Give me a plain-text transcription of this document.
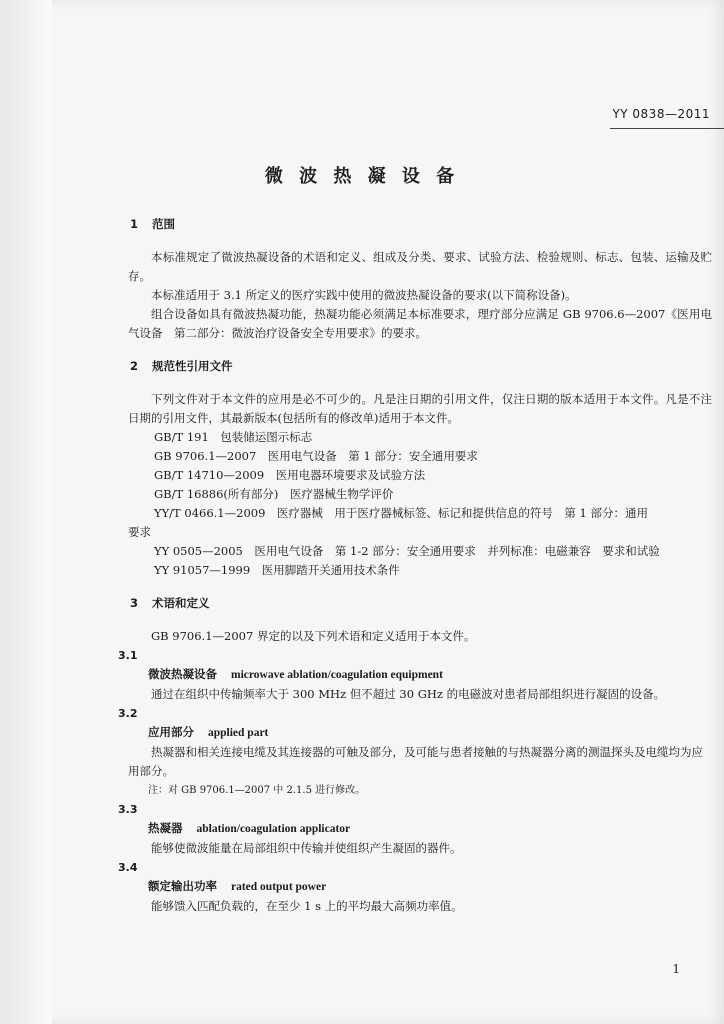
YY 0838—2011
微 波 热 凝 设 备
1 范围
本标准规定了微波热凝设备的术语和定义、组成及分类、要求、试验方法、检验规则、标志、包装、运输及贮存。
本标准适用于 3.1 所定义的医疗实践中使用的微波热凝设备的要求(以下简称设备)。
组合设备如具有微波热凝功能，热凝功能必须满足本标准要求，理疗部分应满足 GB 9706.6—2007《医用电气设备　第二部分：微波治疗设备安全专用要求》的要求。
2 规范性引用文件
下列文件对于本文件的应用是必不可少的。凡是注日期的引用文件，仅注日期的版本适用于本文件。凡是不注日期的引用文件，其最新版本(包括所有的修改单)适用于本文件。
GB/T 191　包装储运图示标志
GB 9706.1—2007　医用电气设备　第 1 部分：安全通用要求
GB/T 14710—2009　医用电器环境要求及试验方法
GB/T 16886(所有部分)　医疗器械生物学评价
YY/T 0466.1—2009　医疗器械　用于医疗器械标签、标记和提供信息的符号　第 1 部分：通用
要求
YY 0505—2005　医用电气设备　第 1-2 部分：安全通用要求　并列标准：电磁兼容　要求和试验
YY 91057—1999　医用脚踏开关通用技术条件
3 术语和定义
GB 9706.1—2007 界定的以及下列术语和定义适用于本文件。
3.1
微波热凝设备 microwave ablation/coagulation equipment
通过在组织中传输频率大于 300 MHz 但不超过 30 GHz 的电磁波对患者局部组织进行凝固的设备。
3.2
应用部分 applied part
热凝器和相关连接电缆及其连接器的可触及部分，及可能与患者接触的与热凝器分离的测温探头及电缆均为应用部分。
注：对 GB 9706.1—2007 中 2.1.5 进行修改。
3.3
热凝器 ablation/coagulation applicator
能够使微波能量在局部组织中传输并使组织产生凝固的器件。
3.4
额定输出功率 rated output power
能够馈入匹配负载的，在至少 1 s 上的平均最大高频功率值。
1
